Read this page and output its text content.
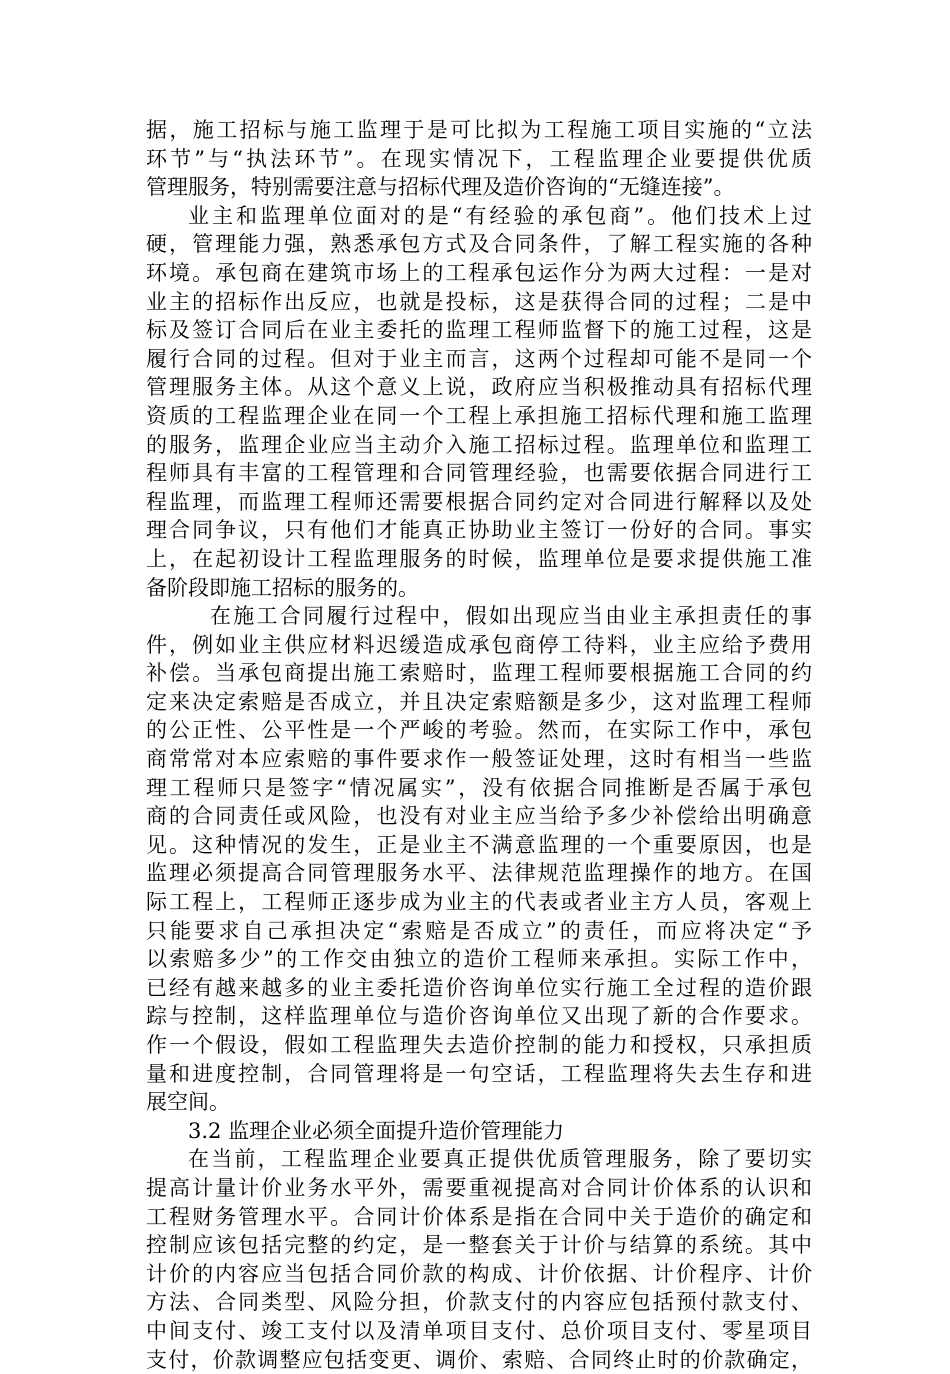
据，施工招标与施工监理于是可比拟为工程施工项目实施的“立法
环节”与“执法环节”。在现实情况下，工程监理企业要提供优质
管理服务，特别需要注意与招标代理及造价咨询的“无缝连接”。
业主和监理单位面对的是“有经验的承包商”。他们技术上过
硬，管理能力强，熟悉承包方式及合同条件，了解工程实施的各种
环境。承包商在建筑市场上的工程承包运作分为两大过程：一是对
业主的招标作出反应，也就是投标，这是获得合同的过程；二是中
标及签订合同后在业主委托的监理工程师监督下的施工过程，这是
履行合同的过程。但对于业主而言，这两个过程却可能不是同一个
管理服务主体。从这个意义上说，政府应当积极推动具有招标代理
资质的工程监理企业在同一个工程上承担施工招标代理和施工监理
的服务，监理企业应当主动介入施工招标过程。监理单位和监理工
程师具有丰富的工程管理和合同管理经验，也需要依据合同进行工
程监理，而监理工程师还需要根据合同约定对合同进行解释以及处
理合同争议，只有他们才能真正协助业主签订一份好的合同。事实
上，在起初设计工程监理服务的时候，监理单位是要求提供施工准
备阶段即施工招标的服务的。
在施工合同履行过程中，假如出现应当由业主承担责任的事
件，例如业主供应材料迟缓造成承包商停工待料，业主应给予费用
补偿。当承包商提出施工索赔时，监理工程师要根据施工合同的约
定来决定索赔是否成立，并且决定索赔额是多少，这对监理工程师
的公正性、公平性是一个严峻的考验。然而，在实际工作中，承包
商常常对本应索赔的事件要求作一般签证处理，这时有相当一些监
理工程师只是签字“情况属实”，没有依据合同推断是否属于承包
商的合同责任或风险，也没有对业主应当给予多少补偿给出明确意
见。这种情况的发生，正是业主不满意监理的一个重要原因，也是
监理必须提高合同管理服务水平、法律规范监理操作的地方。在国
际工程上，工程师正逐步成为业主的代表或者业主方人员，客观上
只能要求自己承担决定“索赔是否成立”的责任，而应将决定“予
以索赔多少”的工作交由独立的造价工程师来承担。实际工作中，
已经有越来越多的业主委托造价咨询单位实行施工全过程的造价跟
踪与控制，这样监理单位与造价咨询单位又出现了新的合作要求。
作一个假设，假如工程监理失去造价控制的能力和授权，只承担质
量和进度控制，合同管理将是一句空话，工程监理将失去生存和进
展空间。
3.2 监理企业必须全面提升造价管理能力
在当前，工程监理企业要真正提供优质管理服务，除了要切实
提高计量计价业务水平外，需要重视提高对合同计价体系的认识和
工程财务管理水平。合同计价体系是指在合同中关于造价的确定和
控制应该包括完整的约定，是一整套关于计价与结算的系统。其中
计价的内容应当包括合同价款的构成、计价依据、计价程序、计价
方法、合同类型、风险分担，价款支付的内容应包括预付款支付、
中间支付、竣工支付以及清单项目支付、总价项目支付、零星项目
支付，价款调整应包括变更、调价、索赔、合同终止时的价款确定，
